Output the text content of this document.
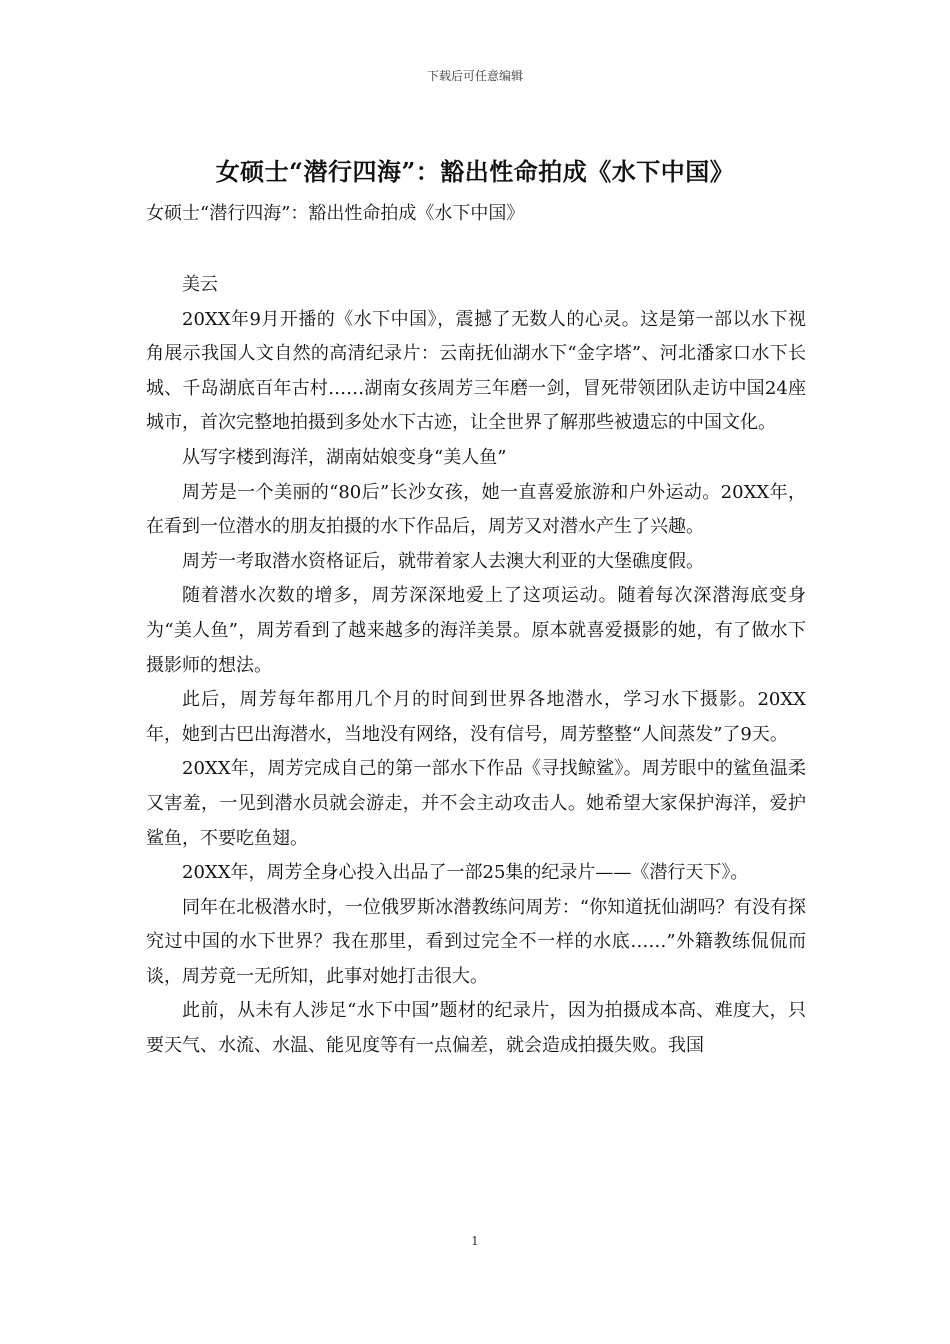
下载后可任意编辑
女硕士“潜行四海”：豁出性命拍成《水下中国》
女硕士“潜行四海”：豁出性命拍成《水下中国》

美云

20XX年9月开播的《水下中国》，震撼了无数人的心灵。这是第一部以水下视角展示我国人文自然的高清纪录片：云南抚仙湖水下“金字塔”、河北潘家口水下长城、千岛湖底百年古村……湖南女孩周芳三年磨一剑，冒死带领团队走访中国24座城市，首次完整地拍摄到多处水下古迹，让全世界了解那些被遗忘的中国文化。

从写字楼到海洋，湖南姑娘变身“美人鱼”

周芳是一个美丽的“80后”长沙女孩，她一直喜爱旅游和户外运动。20XX年，在看到一位潜水的朋友拍摄的水下作品后，周芳又对潜水产生了兴趣。

周芳一考取潜水资格证后，就带着家人去澳大利亚的大堡礁度假。

随着潜水次数的增多，周芳深深地爱上了这项运动。随着每次深潜海底变身为“美人鱼”，周芳看到了越来越多的海洋美景。原本就喜爱摄影的她，有了做水下摄影师的想法。

此后，周芳每年都用几个月的时间到世界各地潜水，学习水下摄影。20XX年，她到古巴出海潜水，当地没有网络，没有信号，周芳整整“人间蒸发”了9天。

20XX年，周芳完成自己的第一部水下作品《寻找鲸鲨》。周芳眼中的鲨鱼温柔又害羞，一见到潜水员就会游走，并不会主动攻击人。她希望大家保护海洋，爱护鲨鱼，不要吃鱼翅。

20XX年，周芳全身心投入出品了一部25集的纪录片——《潜行天下》。

同年在北极潜水时，一位俄罗斯冰潜教练问周芳：“你知道抚仙湖吗？有没有探究过中国的水下世界？我在那里，看到过完全不一样的水底……”外籍教练侃侃而谈，周芳竟一无所知，此事对她打击很大。

此前，从未有人涉足“水下中国”题材的纪录片，因为拍摄成本高、难度大，只要天气、水流、水温、能见度等有一点偏差，就会造成拍摄失败。我国

1
